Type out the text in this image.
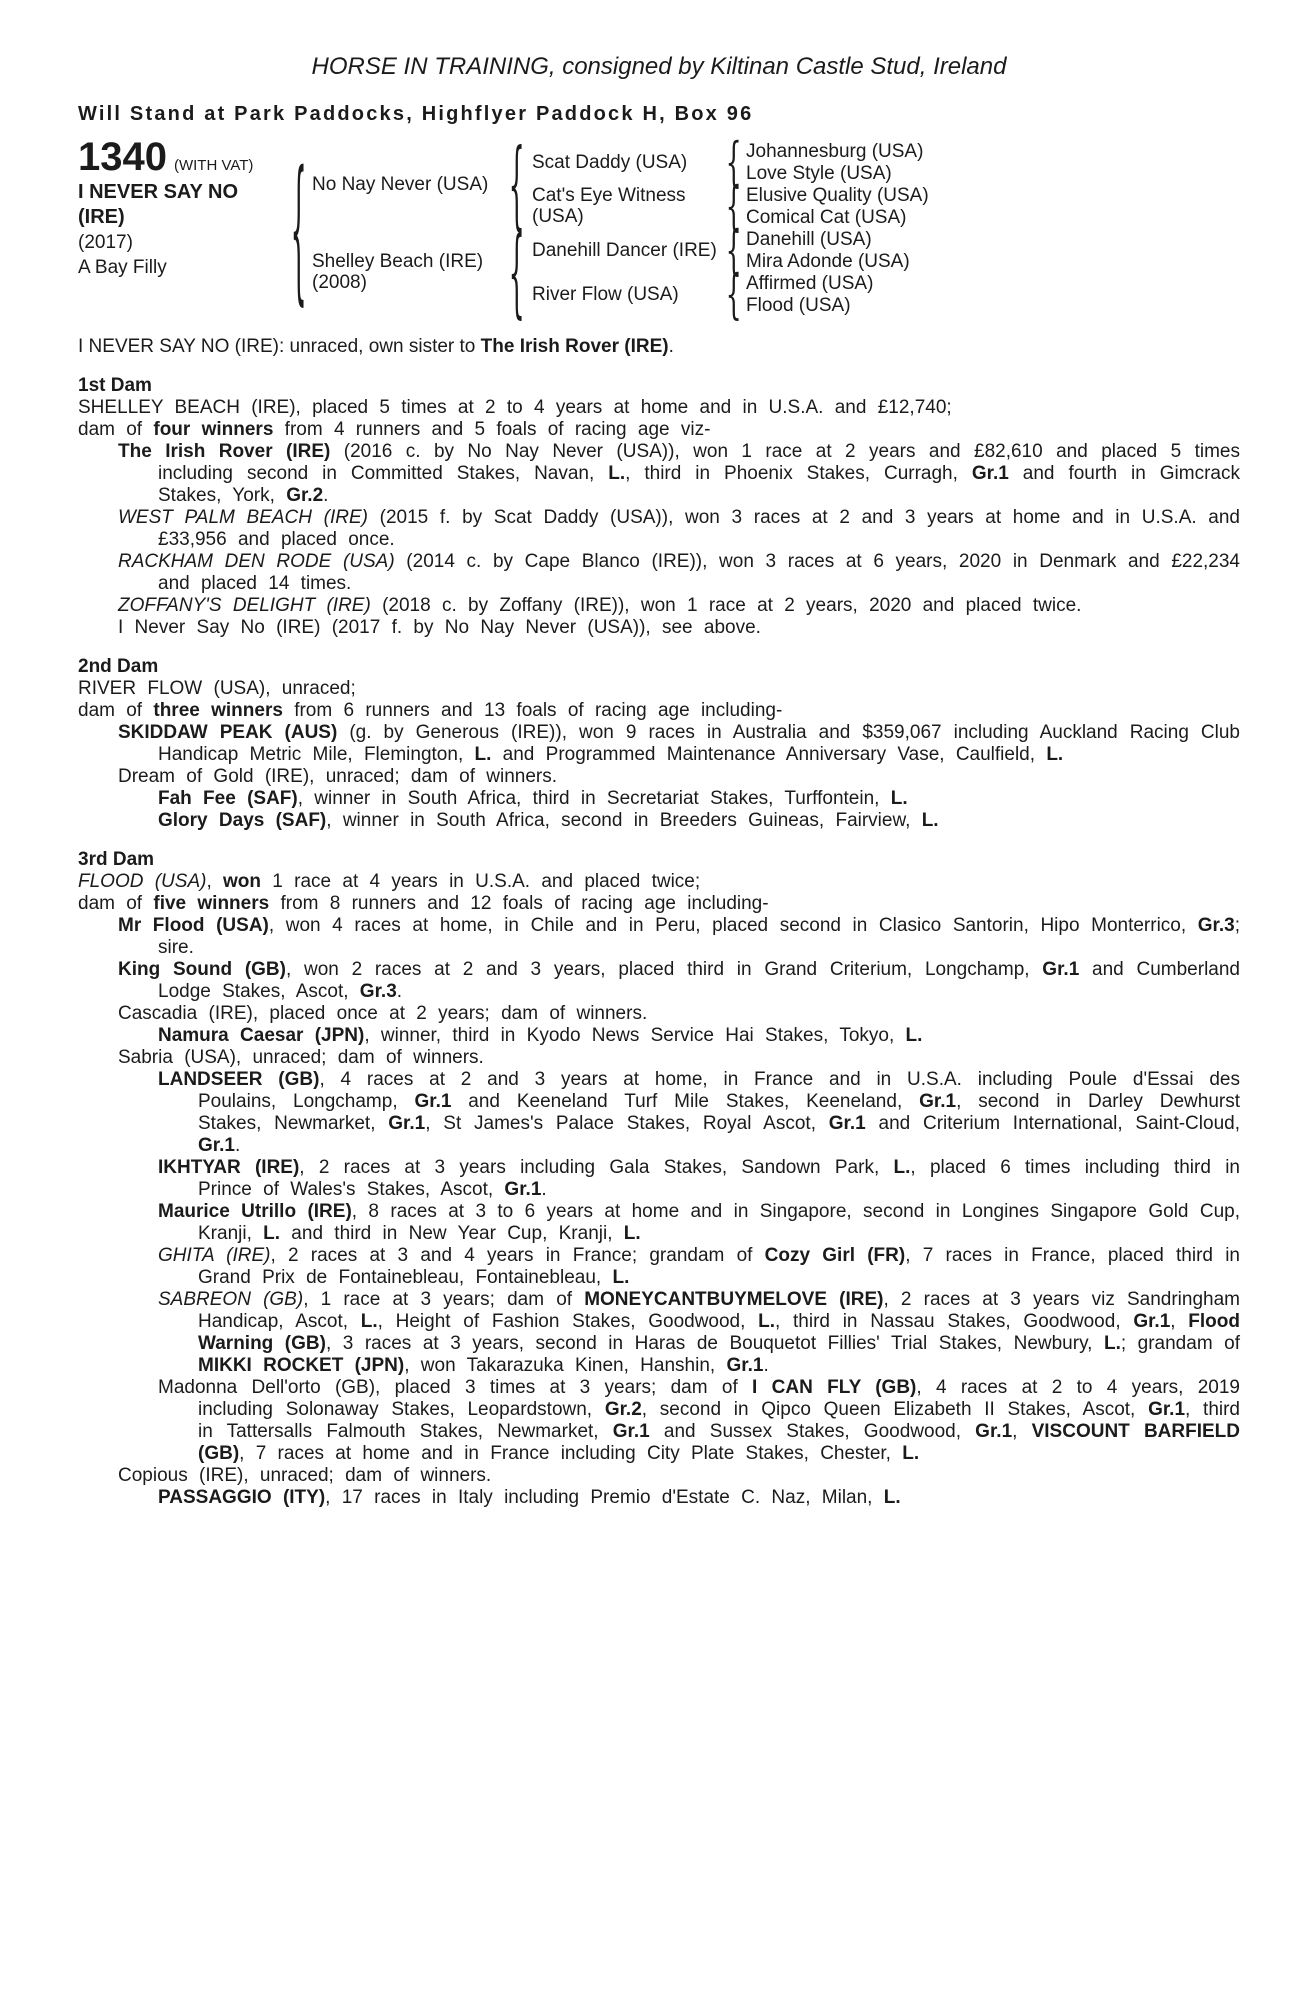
HORSE IN TRAINING, consigned by Kiltinan Castle Stud, Ireland
Will Stand at Park Paddocks, Highflyer Paddock H, Box 96
1340 (WITH VAT)
I NEVER SAY NO (IRE)
(2017)
A Bay Filly	{ No Nay Never (USA)
Shelley Beach (IRE) (2008)
{
{
Scat Daddy (USA)
Cat's Eye Witness (USA)
Danehill Dancer (IRE)
River Flow (USA)
{
{
{
{
Johannesburg (USA)
Love Style (USA)
Elusive Quality (USA)
Comical Cat (USA)
Danehill (USA)
Mira Adonde (USA)
Affirmed (USA)
Flood (USA)

I NEVER SAY NO (IRE): unraced, own sister to The Irish Rover (IRE).

1st Dam

SHELLEY BEACH (IRE), placed 5 times at 2 to 4 years at home and in U.S.A. and £12,740;

dam of four winners from 4 runners and 5 foals of racing age viz-

The Irish Rover (IRE) (2016 c. by No Nay Never (USA)), won 1 race at 2 years and £82,610 and placed 5 times including second in Committed Stakes, Navan, L., third in Phoenix Stakes, Curragh, Gr.1 and fourth in Gimcrack Stakes, York, Gr.2.

WEST PALM BEACH (IRE) (2015 f. by Scat Daddy (USA)), won 3 races at 2 and 3 years at home and in U.S.A. and £33,956 and placed once.

RACKHAM DEN RODE (USA) (2014 c. by Cape Blanco (IRE)), won 3 races at 6 years, 2020 in Denmark and £22,234 and placed 14 times.

ZOFFANY'S DELIGHT (IRE) (2018 c. by Zoffany (IRE)), won 1 race at 2 years, 2020 and placed twice.

I Never Say No (IRE) (2017 f. by No Nay Never (USA)), see above.

2nd Dam

RIVER FLOW (USA), unraced;

dam of three winners from 6 runners and 13 foals of racing age including-

SKIDDAW PEAK (AUS) (g. by Generous (IRE)), won 9 races in Australia and $359,067 including Auckland Racing Club Handicap Metric Mile, Flemington, L. and Programmed Maintenance Anniversary Vase, Caulfield, L.

Dream of Gold (IRE), unraced; dam of winners.

Fah Fee (SAF), winner in South Africa, third in Secretariat Stakes, Turffontein, L.

Glory Days (SAF), winner in South Africa, second in Breeders Guineas, Fairview, L.

3rd Dam

FLOOD (USA), won 1 race at 4 years in U.S.A. and placed twice;

dam of five winners from 8 runners and 12 foals of racing age including-

Mr Flood (USA), won 4 races at home, in Chile and in Peru, placed second in Clasico Santorin, Hipo Monterrico, Gr.3; sire.

King Sound (GB), won 2 races at 2 and 3 years, placed third in Grand Criterium, Longchamp, Gr.1 and Cumberland Lodge Stakes, Ascot, Gr.3.

Cascadia (IRE), placed once at 2 years; dam of winners.

Namura Caesar (JPN), winner, third in Kyodo News Service Hai Stakes, Tokyo, L.

Sabria (USA), unraced; dam of winners.

LANDSEER (GB), 4 races at 2 and 3 years at home, in France and in U.S.A. including Poule d'Essai des Poulains, Longchamp, Gr.1 and Keeneland Turf Mile Stakes, Keeneland, Gr.1, second in Darley Dewhurst Stakes, Newmarket, Gr.1, St James's Palace Stakes, Royal Ascot, Gr.1 and Criterium International, Saint-Cloud, Gr.1.

IKHTYAR (IRE), 2 races at 3 years including Gala Stakes, Sandown Park, L., placed 6 times including third in Prince of Wales's Stakes, Ascot, Gr.1.

Maurice Utrillo (IRE), 8 races at 3 to 6 years at home and in Singapore, second in Longines Singapore Gold Cup, Kranji, L. and third in New Year Cup, Kranji, L.

GHITA (IRE), 2 races at 3 and 4 years in France; grandam of Cozy Girl (FR), 7 races in France, placed third in Grand Prix de Fontainebleau, Fontainebleau, L.

SABREON (GB), 1 race at 3 years; dam of MONEYCANTBUYMELOVE (IRE), 2 races at 3 years viz Sandringham Handicap, Ascot, L., Height of Fashion Stakes, Goodwood, L., third in Nassau Stakes, Goodwood, Gr.1, Flood Warning (GB), 3 races at 3 years, second in Haras de Bouquetot Fillies' Trial Stakes, Newbury, L.; grandam of MIKKI ROCKET (JPN), won Takarazuka Kinen, Hanshin, Gr.1.

Madonna Dell'orto (GB), placed 3 times at 3 years; dam of I CAN FLY (GB), 4 races at 2 to 4 years, 2019 including Solonaway Stakes, Leopardstown, Gr.2, second in Qipco Queen Elizabeth II Stakes, Ascot, Gr.1, third in Tattersalls Falmouth Stakes, Newmarket, Gr.1 and Sussex Stakes, Goodwood, Gr.1, VISCOUNT BARFIELD (GB), 7 races at home and in France including City Plate Stakes, Chester, L.

Copious (IRE), unraced; dam of winners.

PASSAGGIO (ITY), 17 races in Italy including Premio d'Estate C. Naz, Milan, L.
